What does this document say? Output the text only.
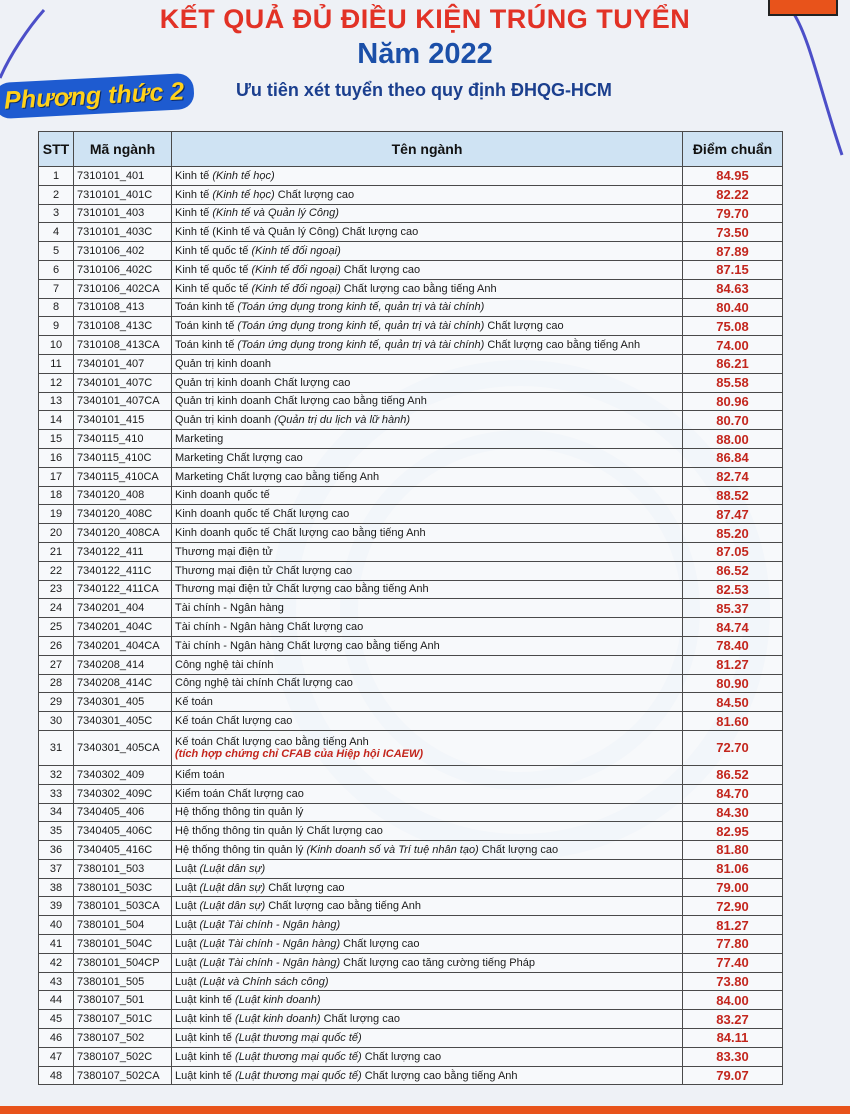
KẾT QUẢ ĐỦ ĐIỀU KIỆN TRÚNG TUYỂN
Năm 2022
Phương thức 2	Ưu tiên xét tuyển theo quy định ĐHQG-HCM
STT	Mã ngành	Tên ngành	Điểm chuẩn
1	7310101_401	Kinh tế (Kinh tế học)	84.95
2	7310101_401C	Kinh tế (Kinh tế học) Chất lượng cao	82.22
3	7310101_403	Kinh tế (Kinh tế và Quản lý Công)	79.70
4	7310101_403C	Kinh tế (Kinh tế và Quản lý Công) Chất lượng cao	73.50
5	7310106_402	Kinh tế quốc tế (Kinh tế đối ngoại)	87.89
6	7310106_402C	Kinh tế quốc tế (Kinh tế đối ngoại) Chất lượng cao	87.15
7	7310106_402CA	Kinh tế quốc tế (Kinh tế đối ngoại) Chất lượng cao bằng tiếng Anh	84.63
8	7310108_413	Toán kinh tế (Toán ứng dụng trong kinh tế, quản trị và tài chính)	80.40
9	7310108_413C	Toán kinh tế (Toán ứng dụng trong kinh tế, quản trị và tài chính) Chất lượng cao	75.08
10	7310108_413CA	Toán kinh tế (Toán ứng dụng trong kinh tế, quản trị và tài chính) Chất lượng cao bằng tiếng Anh	74.00
11	7340101_407	Quản trị kinh doanh	86.21
12	7340101_407C	Quản trị kinh doanh Chất lượng cao	85.58
13	7340101_407CA	Quản trị kinh doanh Chất lượng cao bằng tiếng Anh	80.96
14	7340101_415	Quản trị kinh doanh (Quản trị du lịch và lữ hành)	80.70
15	7340115_410	Marketing	88.00
16	7340115_410C	Marketing Chất lượng cao	86.84
17	7340115_410CA	Marketing Chất lượng cao bằng tiếng Anh	82.74
18	7340120_408	Kinh doanh quốc tế	88.52
19	7340120_408C	Kinh doanh quốc tế Chất lượng cao	87.47
20	7340120_408CA	Kinh doanh quốc tế Chất lượng cao bằng tiếng Anh	85.20
21	7340122_411	Thương mại điện tử	87.05
22	7340122_411C	Thương mại điện tử Chất lượng cao	86.52
23	7340122_411CA	Thương mại điện tử Chất lượng cao bằng tiếng Anh	82.53
24	7340201_404	Tài chính - Ngân hàng	85.37
25	7340201_404C	Tài chính - Ngân hàng Chất lượng cao	84.74
26	7340201_404CA	Tài chính - Ngân hàng Chất lượng cao bằng tiếng Anh	78.40
27	7340208_414	Công nghệ tài chính	81.27
28	7340208_414C	Công nghệ tài chính Chất lượng cao	80.90
29	7340301_405	Kế toán	84.50
30	7340301_405C	Kế toán Chất lượng cao	81.60
31	7340301_405CA	Kế toán Chất lượng cao bằng tiếng Anh
(tích hợp chứng chỉ CFAB của Hiệp hội ICAEW)	72.70
32	7340302_409	Kiểm toán	86.52
33	7340302_409C	Kiểm toán Chất lượng cao	84.70
34	7340405_406	Hệ thống thông tin quản lý	84.30
35	7340405_406C	Hệ thống thông tin quản lý Chất lượng cao	82.95
36	7340405_416C	Hệ thống thông tin quản lý (Kinh doanh số và Trí tuệ nhân tạo) Chất lượng cao	81.80
37	7380101_503	Luật (Luật dân sự)	81.06
38	7380101_503C	Luật (Luật dân sự) Chất lượng cao	79.00
39	7380101_503CA	Luật (Luật dân sự) Chất lượng cao bằng tiếng Anh	72.90
40	7380101_504	Luật (Luật Tài chính - Ngân hàng)	81.27
41	7380101_504C	Luật (Luật Tài chính - Ngân hàng) Chất lượng cao	77.80
42	7380101_504CP	Luật (Luật Tài chính - Ngân hàng) Chất lượng cao tăng cường tiếng Pháp	77.40
43	7380101_505	Luật (Luật và Chính sách công)	73.80
44	7380107_501	Luật kinh tế (Luật kinh doanh)	84.00
45	7380107_501C	Luật kinh tế (Luật kinh doanh) Chất lượng cao	83.27
46	7380107_502	Luật kinh tế (Luật thương mại quốc tế)	84.11
47	7380107_502C	Luật kinh tế (Luật thương mại quốc tế) Chất lượng cao	83.30
48	7380107_502CA	Luật kinh tế (Luật thương mại quốc tế) Chất lượng cao bằng tiếng Anh	79.07
